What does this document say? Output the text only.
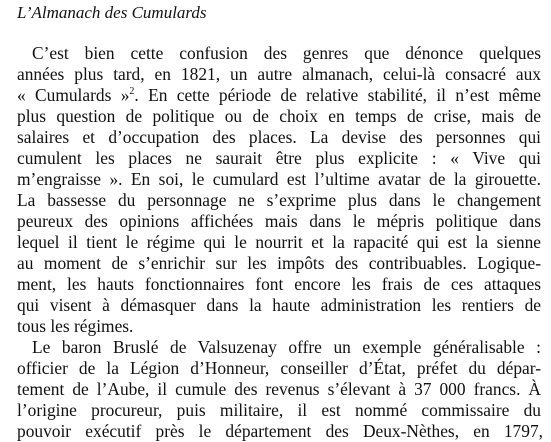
L’Almanach des Cumulards
C’est bien cette confusion des genres que dénonce quelques
années plus tard, en 1821, un autre almanach, celui-là consacré aux
« Cumulards »$^2$. En cette période de relative stabilité, il n’est même
plus question de politique ou de choix en temps de crise, mais de
salaires et d’occupation des places. La devise des personnes qui
cumulent les places ne saurait être plus explicite : « Vive qui
m’engraisse ». En soi, le cumulard est l’ultime avatar de la girouette.
La bassesse du personnage ne s’exprime plus dans le changement
peureux des opinions affichées mais dans le mépris politique dans
lequel il tient le régime qui le nourrit et la rapacité qui est la sienne
au moment de s’enrichir sur les impôts des contribuables. Logique-
ment, les hauts fonctionnaires font encore les frais de ces attaques
qui visent à démasquer dans la haute administration les rentiers de
tous les régimes.
Le baron Bruslé de Valsuzenay offre un exemple généralisable :
officier de la Légion d’Honneur, conseiller d’État, préfet du dépar-
tement de l’Aube, il cumule des revenus s’élevant à 37 000 francs. À
l’origine procureur, puis militaire, il est nommé commissaire du
pouvoir exécutif près le département des Deux-Nèthes, en 1797,
